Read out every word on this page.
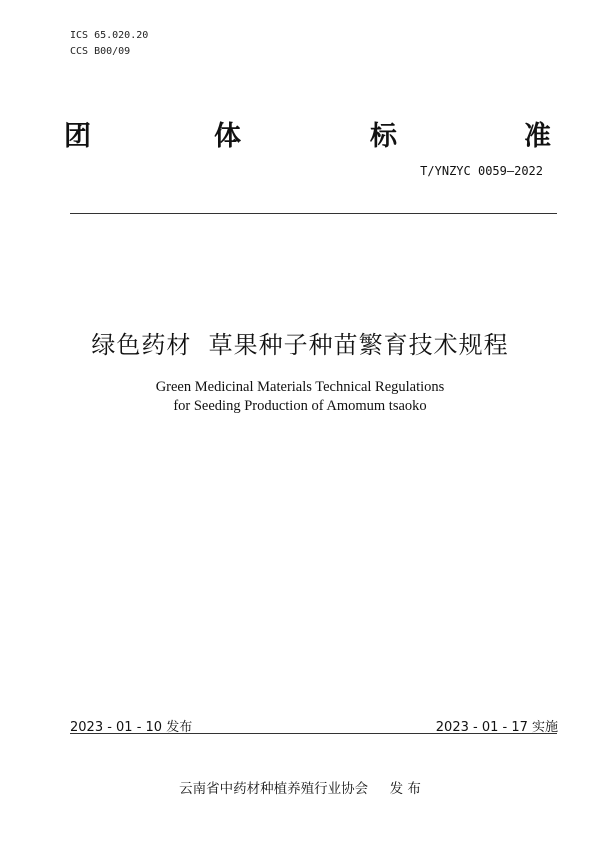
ICS 65.020.20
CCS B00/09
团	体	标	准
T/YNZYC 0059—2022
绿色药材  草果种子种苗繁育技术规程
Green Medicinal Materials Technical Regulations
for Seeding Production of Amomum tsaoko
2023 - 01 - 10 发布	2023 - 01 - 17 实施
云南省中药材种植养殖行业协会     发 布
